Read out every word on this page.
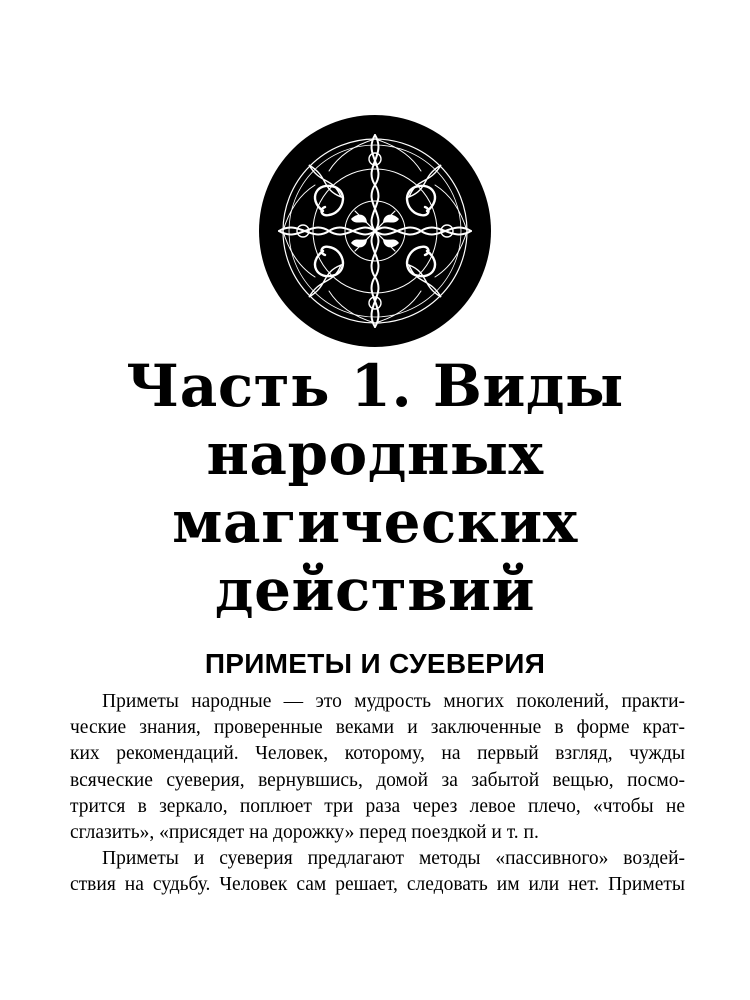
Часть 1. Виды
народных
магических
действий
ПРИМЕТЫ И СУЕВЕРИЯ
Приметы народные — это мудрость многих поколений, практи-
ческие знания, проверенные веками и заключенные в форме крат-
ких рекомендаций. Человек, которому, на первый взгляд, чужды
всяческие суеверия, вернувшись, домой за забытой вещью, посмо-
трится в зеркало, поплюет три раза через левое плечо, «чтобы не
сглазить», «присядет на дорожку» перед поездкой и т. п.
Приметы и суеверия предлагают методы «пассивного» воздей-
ствия на судьбу. Человек сам решает, следовать им или нет. Приметы
